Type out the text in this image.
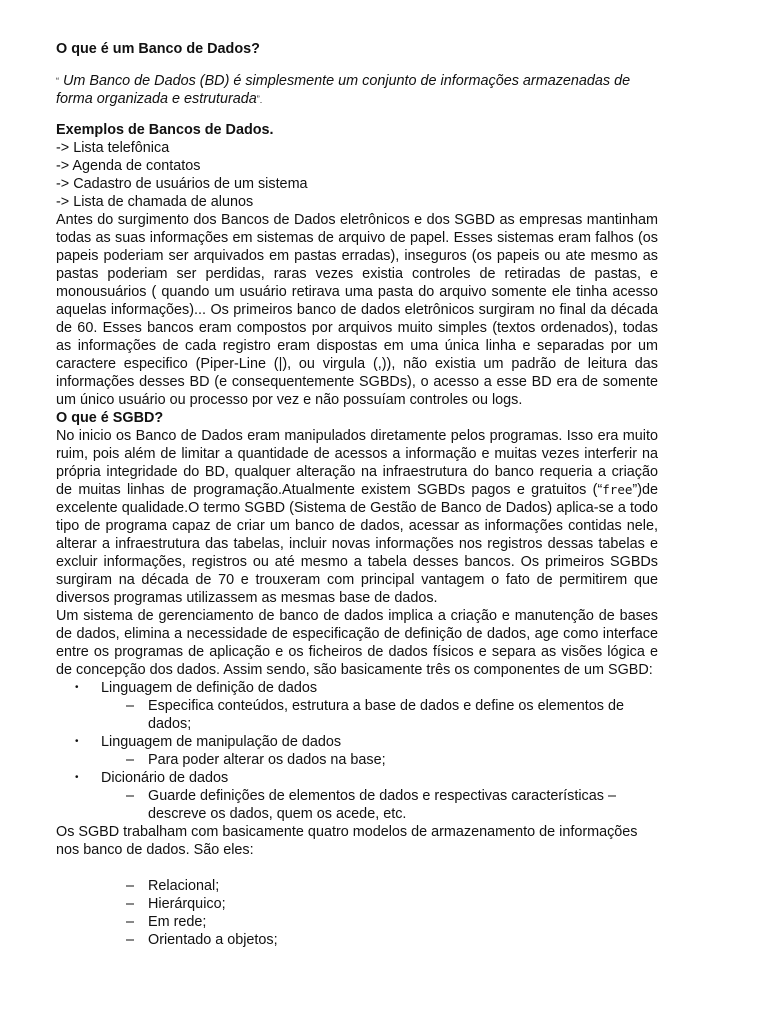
O que é um Banco de Dados?

“ Um Banco de Dados (BD) é simplesmente um conjunto de informações armazenadas de forma organizada e estruturada”.

Exemplos de Bancos de Dados.

-> Lista telefônica

-> Agenda de contatos

-> Cadastro de usuários de um sistema

-> Lista de chamada de alunos

Antes do surgimento dos Bancos de Dados eletrônicos e dos SGBD as empresas mantinham todas as suas informações em sistemas de arquivo de papel. Esses sistemas eram falhos (os papeis poderiam ser arquivados em pastas erradas), inseguros (os papeis ou ate mesmo as pastas poderiam ser perdidas, raras vezes existia controles de retiradas de pastas, e monousuários ( quando um usuário retirava uma pasta do arquivo somente ele tinha acesso aquelas informações)... Os primeiros banco de dados eletrônicos surgiram no final da década de 60. Esses bancos eram compostos por arquivos muito simples (textos ordenados), todas as informações de cada registro eram dispostas em uma única linha e separadas por um caractere especifico (Piper-Line (|), ou virgula (,)), não existia um padrão de leitura das informações desses BD (e consequentemente SGBDs), o acesso a esse BD era de somente um único usuário ou processo por vez e não possuíam controles ou logs.

O que é SGBD?

No inicio os Banco de Dados eram manipulados diretamente pelos programas. Isso era muito ruim, pois além de limitar a quantidade de acessos a informação e muitas vezes interferir na própria integridade do BD, qualquer alteração na infraestrutura do banco requeria a criação de muitas linhas de programação.Atualmente existem SGBDs pagos e gratuitos (“free”)de excelente qualidade.O termo SGBD (Sistema de Gestão de Banco de Dados) aplica-se a todo tipo de programa capaz de criar um banco de dados, acessar as informações contidas nele, alterar a infraestrutura das tabelas, incluir novas informações nos registros dessas tabelas e excluir informações, registros ou até mesmo a tabela desses bancos. Os primeiros SGBDs surgiram na década de 70 e trouxeram com principal vantagem o fato de permitirem que diversos programas utilizassem as mesmas base de dados.

Um sistema de gerenciamento de banco de dados implica a criação e manutenção de bases de dados, elimina a necessidade de especificação de definição de dados, age como interface entre os programas de aplicação e os ficheiros de dados físicos e separa as visões lógica e de concepção dos dados. Assim sendo, são basicamente três os componentes de um SGBD:

• Linguagem de definição de dados
– Especifica conteúdos, estrutura a base de dados e define os elementos de dados;
• Linguagem de manipulação de dados
– Para poder alterar os dados na base;
• Dicionário de dados
– Guarde definições de elementos de dados e respectivas características – descreve os dados, quem os acede, etc.

Os SGBD trabalham com basicamente quatro modelos de armazenamento de informações nos banco de dados. São eles:

– Relacional;
– Hierárquico;
– Em rede;
– Orientado a objetos;
